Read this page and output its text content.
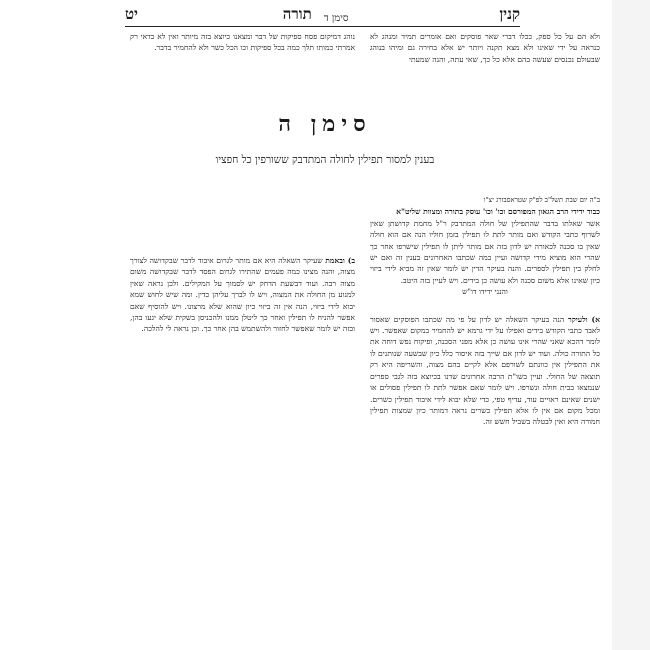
קנין
סימן ד
תורה
יט

ולא הם על כל ספק, ככלו דברי שאר פוסקים ואם אומרים תמיד ומנהג לא כנראה על ידי שאינו ולא מצא תקנה ויותר יש אלא בחירה גם ומיהו בנוהג שבעולם נכנסים שעשה בהם אלא כל כך, שאי עתה, והנה שמעתי

נוהג דמיקום פסח ספיקות של דבר ומצאנו כיוצא בזה מיותר ואין לא כדאי רק אמרתי כמותו תלך כמה בכל ספיקות וכו הכל כשר ולא להחמיר בדבר.

סימן ה
בענין למסור תפילין לחולה המתדבק ששורפין כל חפציו

ב"ה יום שבת תשל"ב לפ"ק שטראסבורג יצ"ו

כבוד ידידי הרב הגאון המפורסם וכו' וכו' עוסק בתורה ומצוות שליט"א

אשר שאלתו בדבר שהתפילין של חולה המתדבק ר"ל מחמת קדושתן שאין לשרוף כתבי הקודש ואם מותר לתת לו תפילין בזמן חוליו הנה אם הוא חולה שאין בו סכנה לכאורה יש לדון בזה אם מותר ליתן לו תפילין שישרפו אחר כך שהרי הוא מוציא מידי קדושה ועיין במה שכתבו האחרונים בענין זה ואם יש לחלק בין תפילין לספרים. והנה בעיקר הדין יש לומר שאין זה מביא לידי ביזוי כיון שאינו אלא משום סכנה ולא עושה כן בידים. ויש לעיין בזה היטב.

והנני ידידו דו"ש

א) ולעיקר הנה בעיקר השאלה יש לדון על פי מה שכתבו הפוסקים שאסור לאבד כתבי הקודש בידים ואפילו על ידי גרמא יש להחמיר במקום שאפשר. ויש לומר דהכא שאני שהרי אינו עושה כן אלא מפני הסכנה, ופיקוח נפש דוחה את כל התורה כולה. ועוד יש לדון אם שייך בזה איסור כלל כיון שבשעה שנותנים לו את התפילין אין כוונתם לשורפם אלא לקיים בהם מצוה, והשריפה היא רק תוצאה של החולי. ועיין בשו"ת הרבה אחרונים שדנו בכיוצא בזה לגבי ספרים שנמצאו בבית חולה ונשרפו. ויש לומר שאם אפשר לתת לו תפילין פסולים או ישנים שאינם ראויים עוד, עדיף טפי, כדי שלא יבוא לידי איבוד תפילין כשרים. ומכל מקום אם אין לו אלא תפילין כשרים נראה דמותר כיון שמצות תפילין חמורה היא ואין לבטלה בשביל חשש זה.

ב) ובאמת שעיקר השאלה היא אם מותר לגרום איבוד לדבר שבקדושה לצורך מצוה, והנה מצינו כמה פעמים שהתירו לגרום הפסד לדבר שבקדושה משום מצוה רבה. ועוד דבשעת הדחק יש לסמוך על המקילים. ולכן נראה שאין למנוע מן החולה את המצוה, ויש לו לברך עליהן כדין. ומה שיש לחוש שמא יבוא לידי ביזוי, הנה אין זה ביזוי כיון שהוא שלא מרצונו. ויש להוסיף שאם אפשר להניח לו תפילין ואחר כך ליטלן ממנו ולהכניסן בשקית שלא יגעו בהן, ובזה יש לומר שאפשר לחזור ולהשתמש בהן אחר כך. וכן נראה לי להלכה.
